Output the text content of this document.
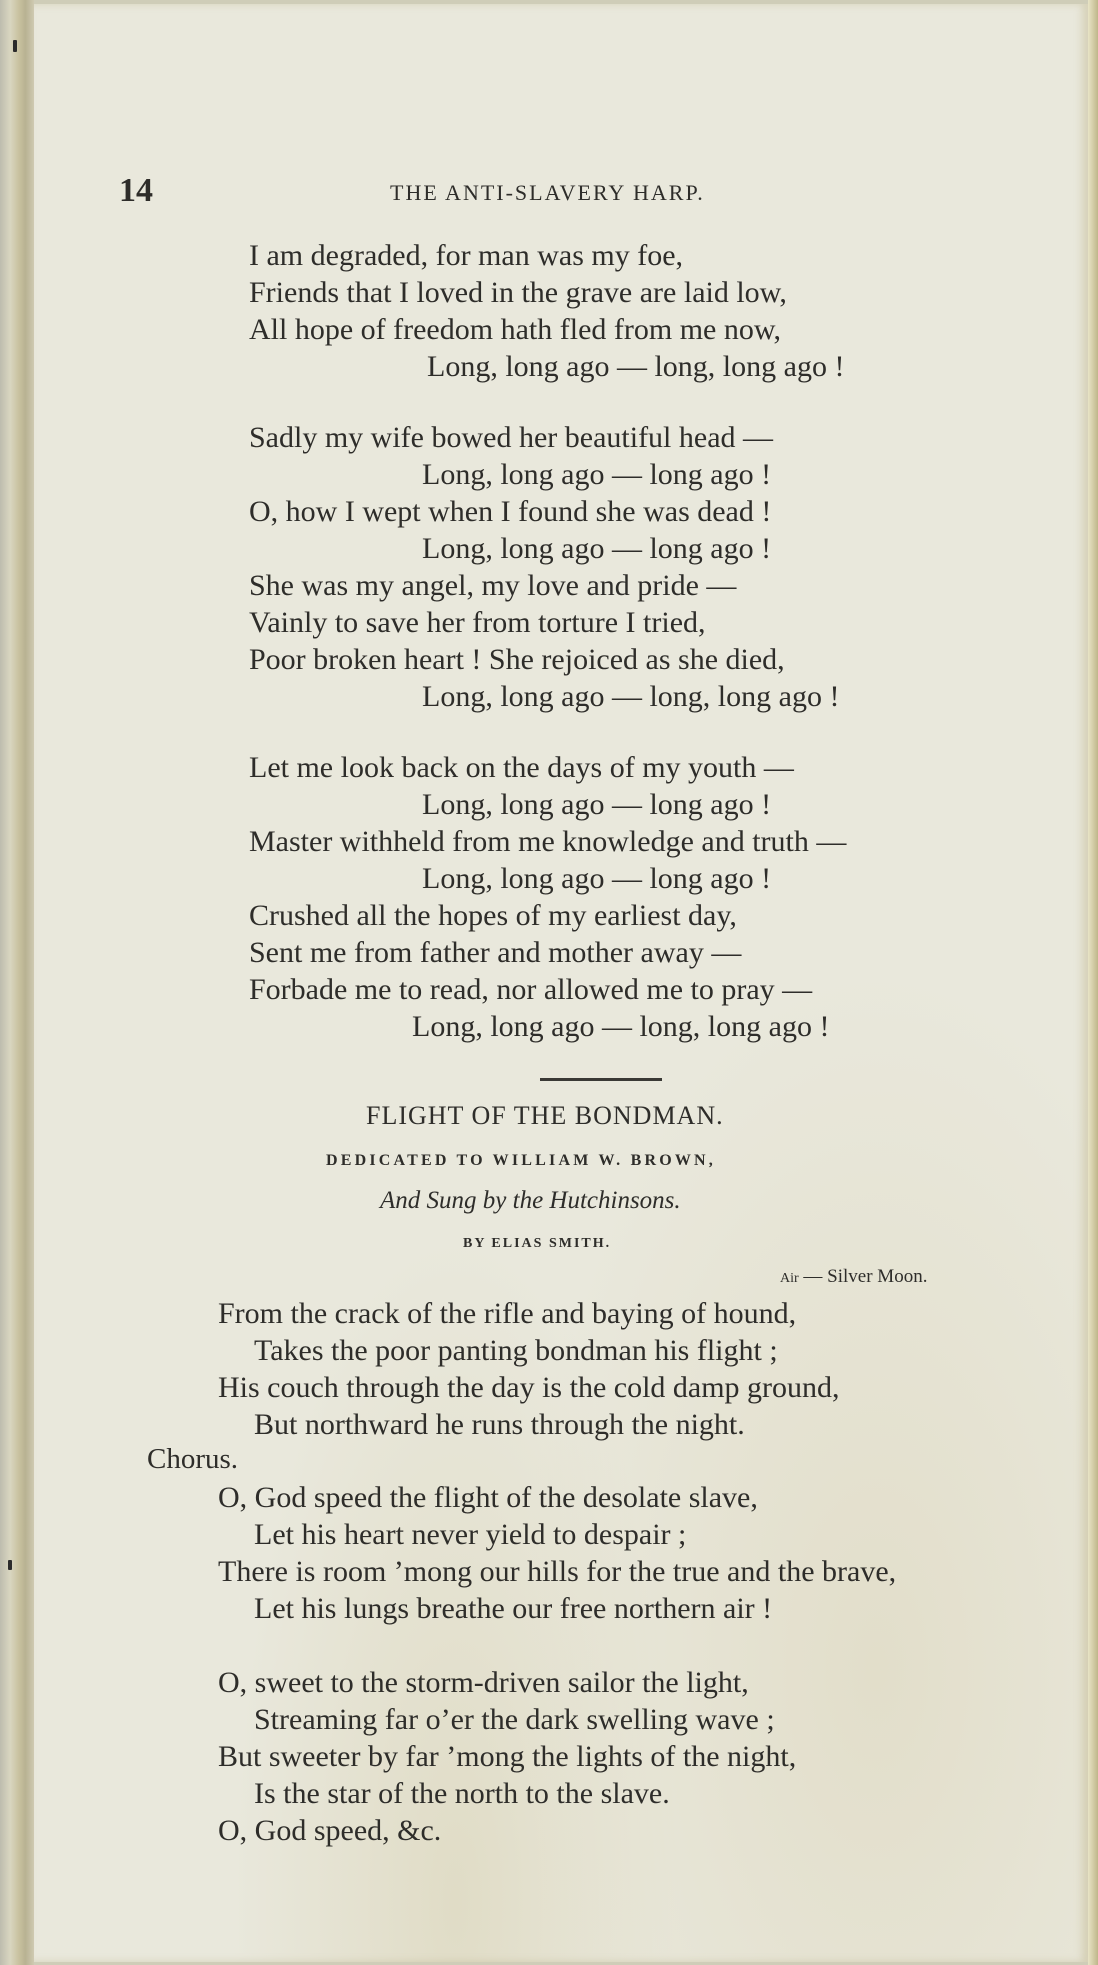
14	THE ANTI-SLAVERY HARP.
I am degraded, for man was my foe,
Friends that I loved in the grave are laid low,
All hope of freedom hath fled from me now,
Long, long ago — long, long ago !
Sadly my wife bowed her beautiful head —
Long, long ago — long ago !
O, how I wept when I found she was dead !
Long, long ago — long ago !
She was my angel, my love and pride —
Vainly to save her from torture I tried,
Poor broken heart ! She rejoiced as she died,
Long, long ago — long, long ago !
Let me look back on the days of my youth —
Long, long ago — long ago !
Master withheld from me knowledge and truth —
Long, long ago — long ago !
Crushed all the hopes of my earliest day,
Sent me from father and mother away —
Forbade me to read, nor allowed me to pray —
Long, long ago — long, long ago !
FLIGHT OF THE BONDMAN.
DEDICATED TO WILLIAM W. BROWN,
And Sung by the Hutchinsons.
BY ELIAS SMITH.
Air — Silver Moon.
From the crack of the rifle and baying of hound,
Takes the poor panting bondman his flight ;
His couch through the day is the cold damp ground,
But northward he runs through the night.
Chorus.
O, God speed the flight of the desolate slave,
Let his heart never yield to despair ;
There is room ’mong our hills for the true and the brave,
Let his lungs breathe our free northern air !
O, sweet to the storm-driven sailor the light,
Streaming far o’er the dark swelling wave ;
But sweeter by far ’mong the lights of the night,
Is the star of the north to the slave.
O, God speed, &c.
